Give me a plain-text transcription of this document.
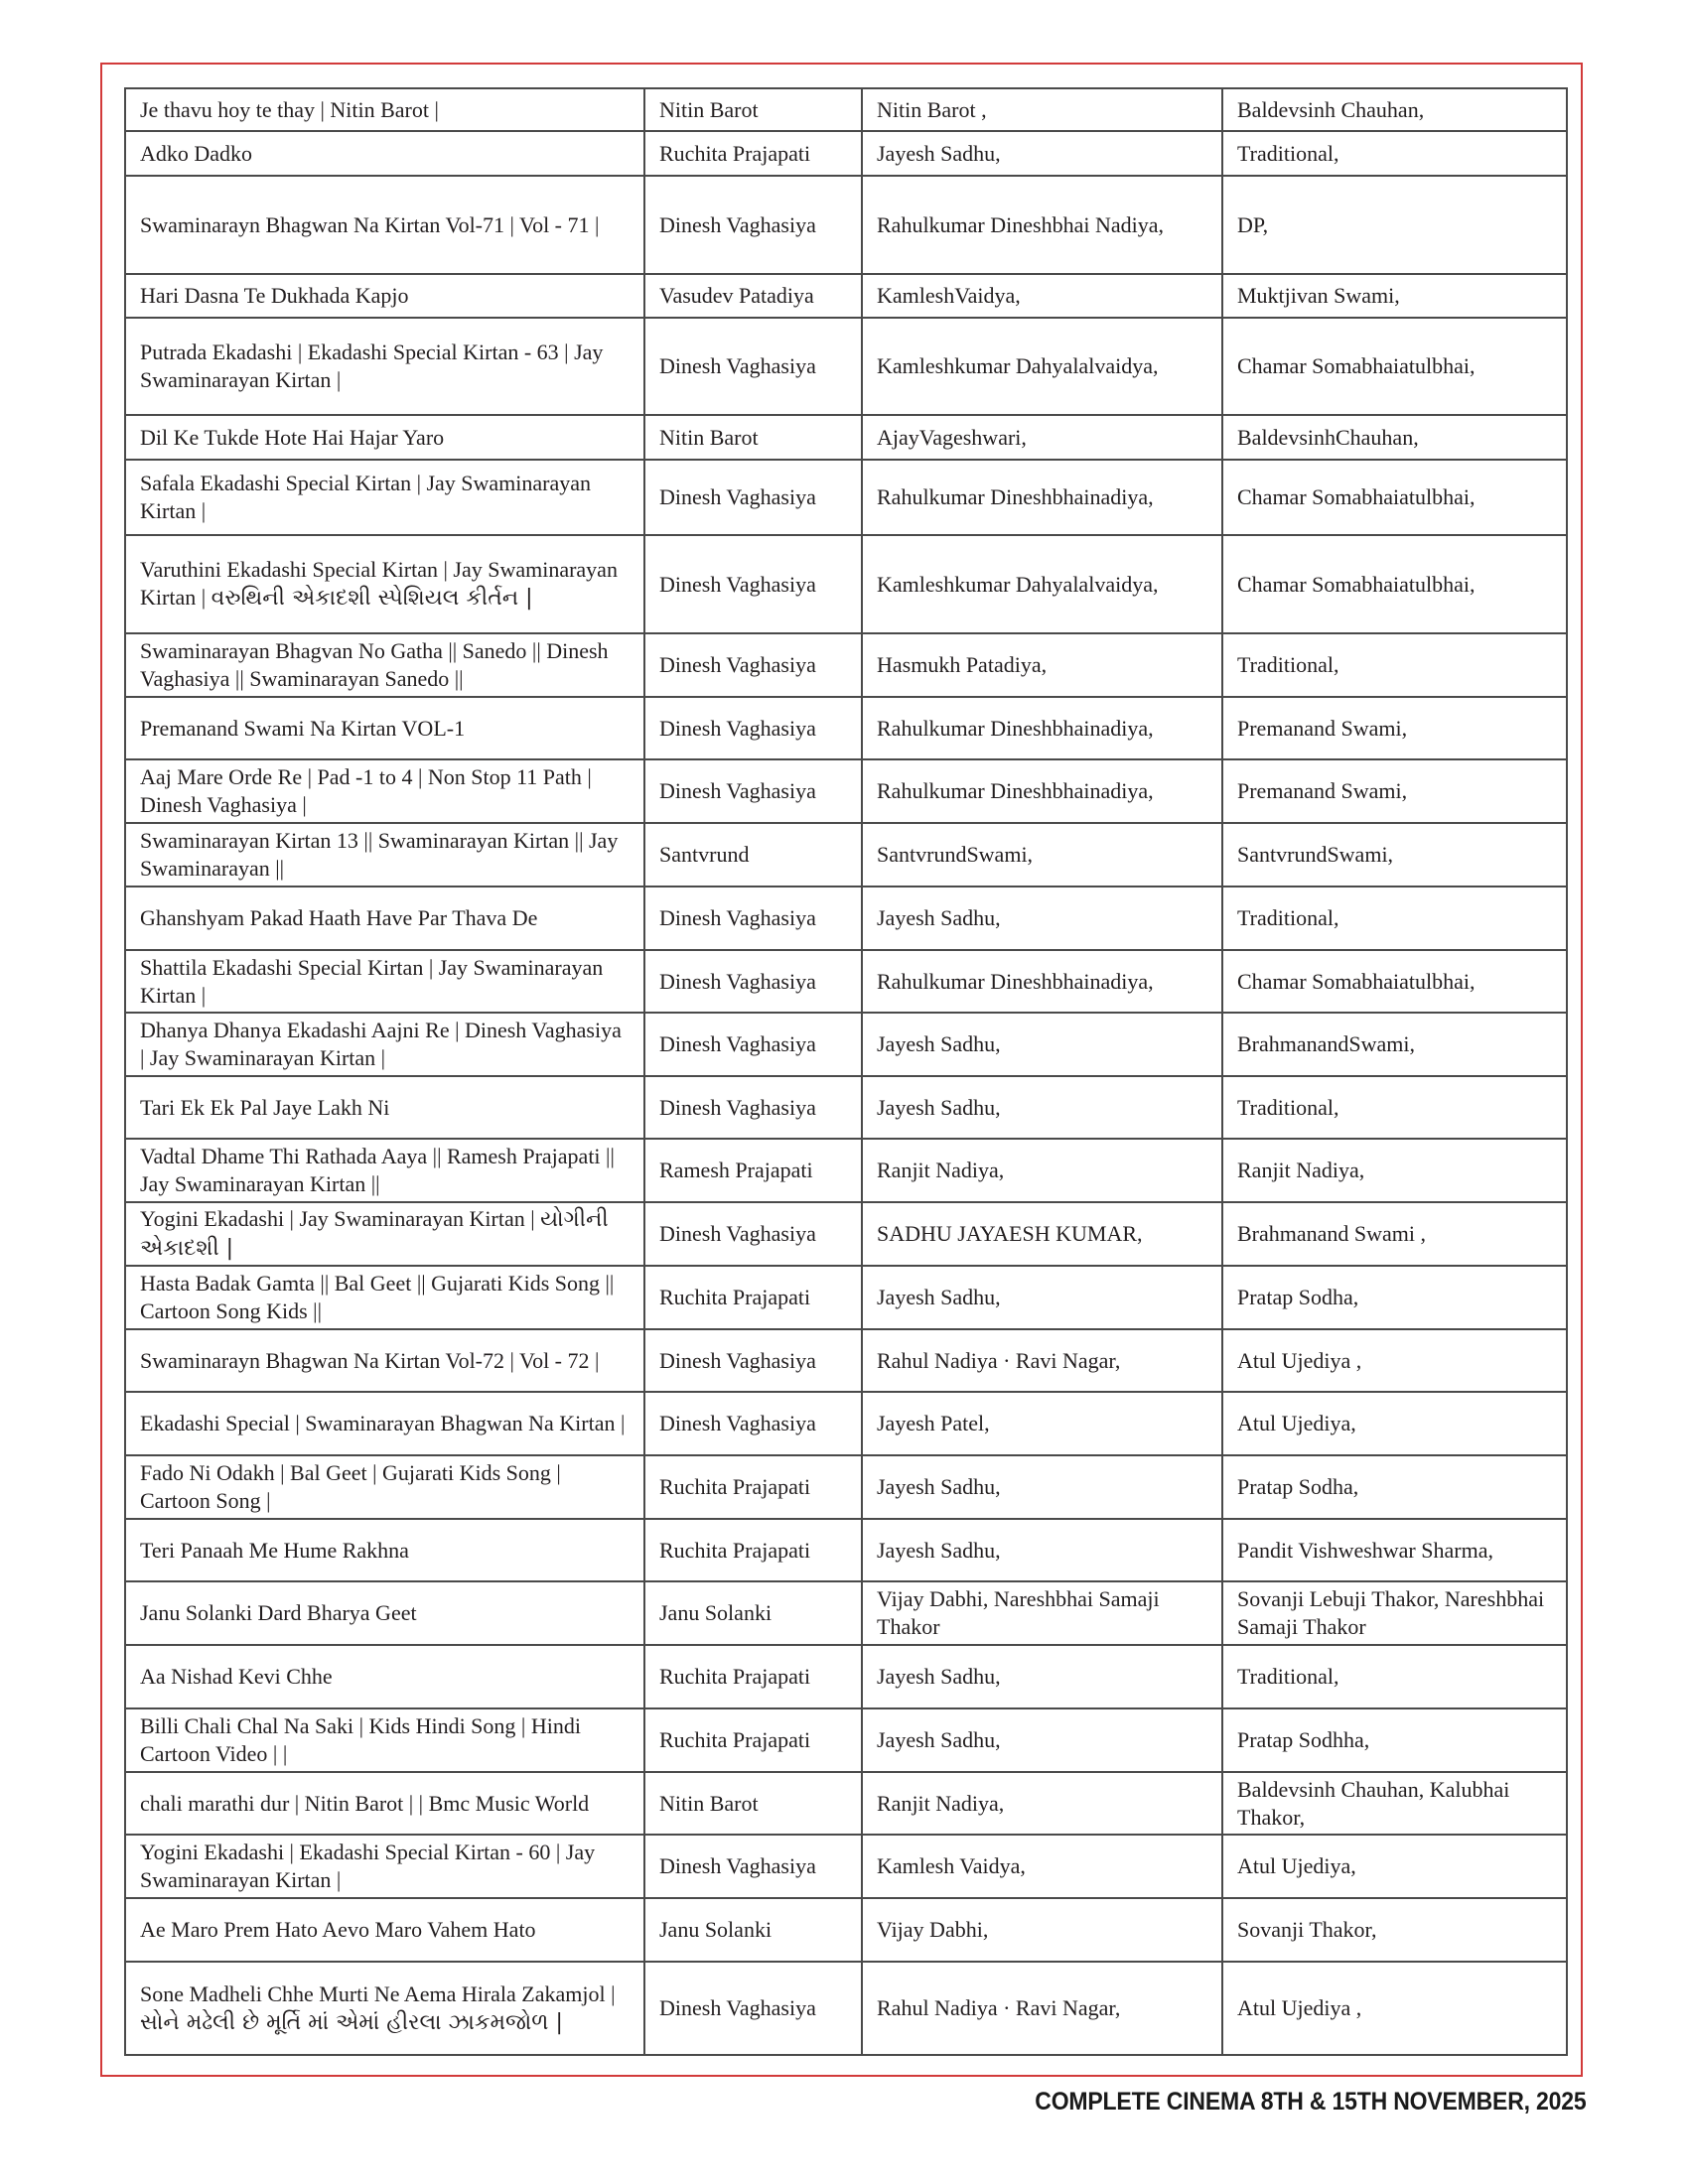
Je thavu hoy te thay | Nitin Barot |	Nitin Barot	Nitin Barot ,	Baldevsinh Chauhan,
Adko Dadko	Ruchita Prajapati	Jayesh Sadhu,	Traditional,
Swaminarayn Bhagwan Na Kirtan Vol-71 | Vol - 71 |	Dinesh Vaghasiya	Rahulkumar Dineshbhai Nadiya,	DP,
Hari Dasna Te Dukhada Kapjo	Vasudev Patadiya	KamleshVaidya,	Muktjivan Swami,
Putrada Ekadashi | Ekadashi Special Kirtan - 63 | Jay Swaminarayan Kirtan |	Dinesh Vaghasiya	Kamleshkumar Dahyalalvaidya,	Chamar Somabhaiatulbhai,
Dil Ke Tukde Hote Hai Hajar Yaro	Nitin Barot	AjayVageshwari,	BaldevsinhChauhan,
Safala Ekadashi Special Kirtan | Jay Swaminarayan Kirtan |	Dinesh Vaghasiya	Rahulkumar Dineshbhainadiya,	Chamar Somabhaiatulbhai,
Varuthini Ekadashi Special Kirtan | Jay Swaminarayan Kirtan | વરુથિની એકાદશી સ્પેશિયલ કીર્તન |	Dinesh Vaghasiya	Kamleshkumar Dahyalalvaidya,	Chamar Somabhaiatulbhai,
Swaminarayan Bhagvan No Gatha || Sanedo || Dinesh Vaghasiya || Swaminarayan Sanedo ||	Dinesh Vaghasiya	Hasmukh Patadiya,	Traditional,
Premanand Swami Na Kirtan VOL-1	Dinesh Vaghasiya	Rahulkumar Dineshbhainadiya,	Premanand Swami,
Aaj Mare Orde Re | Pad -1 to 4 | Non Stop 11 Path | Dinesh Vaghasiya |	Dinesh Vaghasiya	Rahulkumar Dineshbhainadiya,	Premanand Swami,
Swaminarayan Kirtan 13 || Swaminarayan Kirtan || Jay Swaminarayan ||	Santvrund	SantvrundSwami,	SantvrundSwami,
Ghanshyam Pakad Haath Have Par Thava De	Dinesh Vaghasiya	Jayesh Sadhu,	Traditional,
Shattila Ekadashi Special Kirtan | Jay Swaminarayan Kirtan |	Dinesh Vaghasiya	Rahulkumar Dineshbhainadiya,	Chamar Somabhaiatulbhai,
Dhanya Dhanya Ekadashi Aajni Re | Dinesh Vaghasiya | Jay Swaminarayan Kirtan |	Dinesh Vaghasiya	Jayesh Sadhu,	BrahmanandSwami,
Tari Ek Ek Pal Jaye Lakh Ni	Dinesh Vaghasiya	Jayesh Sadhu,	Traditional,
Vadtal Dhame Thi Rathada Aaya || Ramesh Prajapati || Jay Swaminarayan Kirtan ||	Ramesh Prajapati	Ranjit Nadiya,	Ranjit Nadiya,
Yogini Ekadashi | Jay Swaminarayan Kirtan | યોગીની એકાદશી |	Dinesh Vaghasiya	SADHU JAYAESH KUMAR,	Brahmanand Swami ,
Hasta Badak Gamta || Bal Geet || Gujarati Kids Song || Cartoon Song Kids ||	Ruchita Prajapati	Jayesh Sadhu,	Pratap Sodha,
Swaminarayn Bhagwan Na Kirtan Vol-72 | Vol - 72 |	Dinesh Vaghasiya	Rahul Nadiya · Ravi Nagar,	Atul Ujediya ,
Ekadashi Special | Swaminarayan Bhagwan Na Kirtan |	Dinesh Vaghasiya	Jayesh Patel,	Atul Ujediya,
Fado Ni Odakh | Bal Geet | Gujarati Kids Song | Cartoon Song |	Ruchita Prajapati	Jayesh Sadhu,	Pratap Sodha,
Teri Panaah Me Hume Rakhna	Ruchita Prajapati	Jayesh Sadhu,	Pandit Vishweshwar Sharma,
Janu Solanki Dard Bharya Geet	Janu Solanki	Vijay Dabhi, Nareshbhai Samaji Thakor	Sovanji Lebuji Thakor, Nareshbhai Samaji Thakor
Aa Nishad Kevi Chhe	Ruchita Prajapati	Jayesh Sadhu,	Traditional,
Billi Chali Chal Na Saki | Kids Hindi Song | Hindi Cartoon Video | |	Ruchita Prajapati	Jayesh Sadhu,	Pratap Sodhha,
chali marathi dur | Nitin Barot | | Bmc Music World	Nitin Barot	Ranjit Nadiya,	Baldevsinh Chauhan, Kalubhai Thakor,
Yogini Ekadashi | Ekadashi Special Kirtan - 60 | Jay Swaminarayan Kirtan |	Dinesh Vaghasiya	Kamlesh Vaidya,	Atul Ujediya,
Ae Maro Prem Hato Aevo Maro Vahem Hato	Janu Solanki	Vijay Dabhi,	Sovanji Thakor,
Sone Madheli Chhe Murti Ne Aema Hirala Zakamjol | સોને મઢેલી છે મૂર્તિ માં એમાં હીરલા ઝાકમજોળ |	Dinesh Vaghasiya	Rahul Nadiya · Ravi Nagar,	Atul Ujediya ,
COMPLETE CINEMA 8TH & 15TH NOVEMBER, 2025
